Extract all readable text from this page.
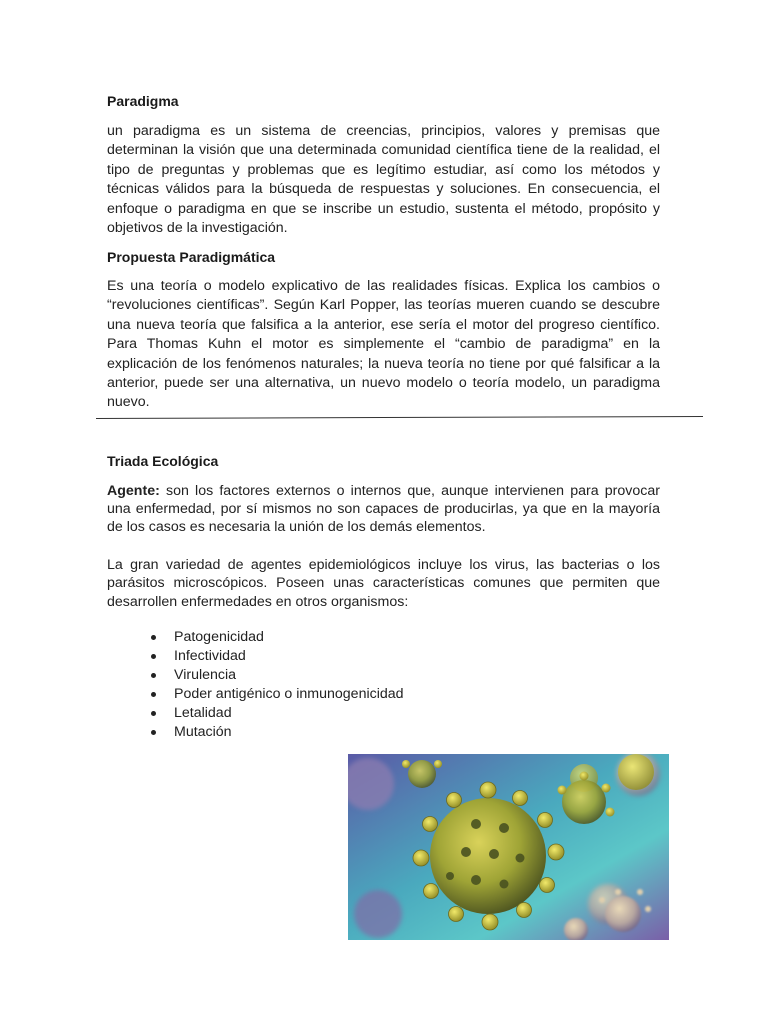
Paradigma

un paradigma es un sistema de creencias, principios, valores y premisas que determinan la visión que una determinada comunidad científica tiene de la realidad, el tipo de preguntas y problemas que es legítimo estudiar, así como los métodos y técnicas válidos para la búsqueda de respuestas y soluciones. En consecuencia, el enfoque o paradigma en que se inscribe un estudio, sustenta el método, propósito y objetivos de la investigación.

Propuesta Paradigmática

Es una teoría o modelo explicativo de las realidades físicas. Explica los cambios o “revoluciones científicas”. Según Karl Popper, las teorías mueren cuando se descubre una nueva teoría que falsifica a la anterior, ese sería el motor del progreso científico. Para Thomas Kuhn el motor es simplemente el “cambio de paradigma” en la explicación de los fenómenos naturales; la nueva teoría no tiene por qué falsificar a la anterior, puede ser una alternativa, un nuevo modelo o teoría modelo, un paradigma nuevo.

Triada Ecológica

Agente: son los factores externos o internos que, aunque intervienen para provocar una enfermedad, por sí mismos no son capaces de producirlas, ya que en la mayoría de los casos es necesaria la unión de los demás elementos.

La gran variedad de agentes epidemiológicos incluye los virus, las bacterias o los parásitos microscópicos. Poseen unas características comunes que permiten que desarrollen enfermedades en otros organismos:

Patogenicidad
Infectividad
Virulencia
Poder antigénico o inmunogenicidad
Letalidad
Mutación
